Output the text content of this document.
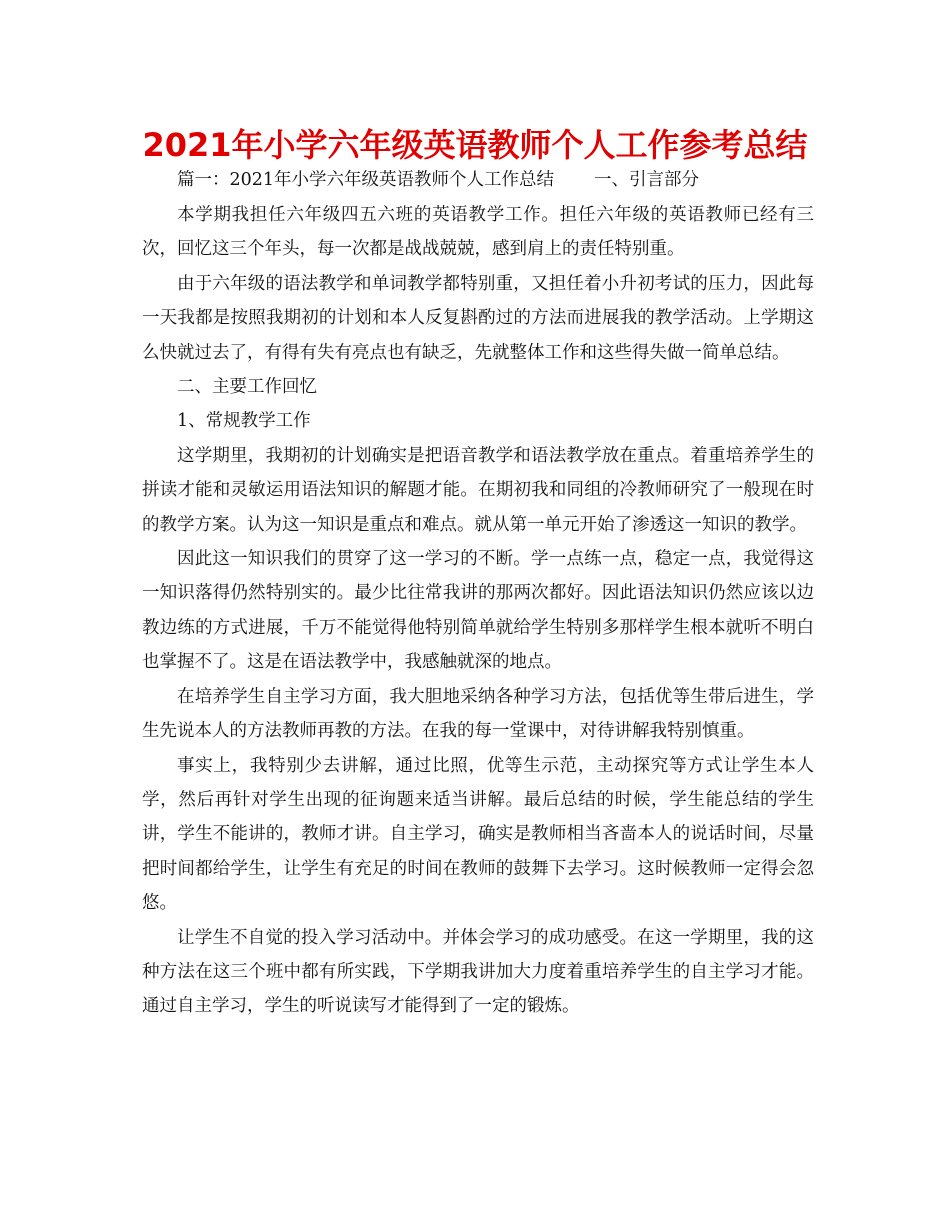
2021年小学六年级英语教师个人工作参考总结

篇一：2021年小学六年级英语教师个人工作总结 一、引言部分

本学期我担任六年级四五六班的英语教学工作。担任六年级的英语教师已经有三次，回忆这三个年头，每一次都是战战兢兢，感到肩上的责任特别重。

由于六年级的语法教学和单词教学都特别重，又担任着小升初考试的压力，因此每一天我都是按照我期初的计划和本人反复斟酌过的方法而进展我的教学活动。上学期这么快就过去了，有得有失有亮点也有缺乏，先就整体工作和这些得失做一简单总结。

二、主要工作回忆

1、常规教学工作

这学期里，我期初的计划确实是把语音教学和语法教学放在重点。着重培养学生的拼读才能和灵敏运用语法知识的解题才能。在期初我和同组的冷教师研究了一般现在时的教学方案。认为这一知识是重点和难点。就从第一单元开始了渗透这一知识的教学。

因此这一知识我们的贯穿了这一学习的不断。学一点练一点，稳定一点，我觉得这一知识落得仍然特别实的。最少比往常我讲的那两次都好。因此语法知识仍然应该以边教边练的方式进展，千万不能觉得他特别简单就给学生特别多那样学生根本就听不明白也掌握不了。这是在语法教学中，我感触就深的地点。

在培养学生自主学习方面，我大胆地采纳各种学习方法，包括优等生带后进生，学生先说本人的方法教师再教的方法。在我的每一堂课中，对待讲解我特别慎重。

事实上，我特别少去讲解，通过比照，优等生示范，主动探究等方式让学生本人学，然后再针对学生出现的征询题来适当讲解。最后总结的时候，学生能总结的学生讲，学生不能讲的，教师才讲。自主学习，确实是教师相当吝啬本人的说话时间，尽量把时间都给学生，让学生有充足的时间在教师的鼓舞下去学习。这时候教师一定得会忽悠。

让学生不自觉的投入学习活动中。并体会学习的成功感受。在这一学期里，我的这种方法在这三个班中都有所实践，下学期我讲加大力度着重培养学生的自主学习才能。通过自主学习，学生的听说读写才能得到了一定的锻炼。
